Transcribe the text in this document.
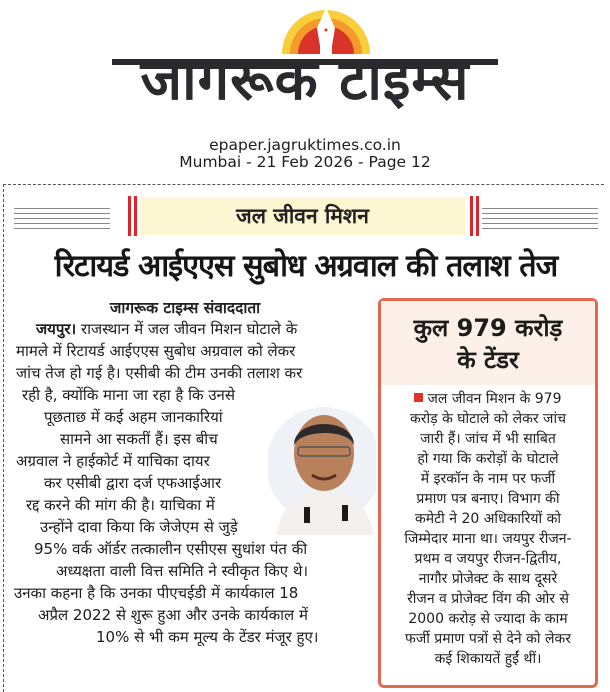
जागरूक टाइम्स
epaper.jagruktimes.co.in
Mumbai - 21 Feb 2026 - Page 12
जल जीवन मिशन
रिटायर्ड आईएएस सुबोध अग्रवाल की तलाश तेज
जागरूक टाइम्स संवाददाता
जयपुर। राजस्थान में जल जीवन मिशन घोटाले के
मामले में रिटायर्ड आईएएस सुबोध अग्रवाल को लेकर
जांच तेज हो गई है। एसीबी की टीम उनकी तलाश कर
रही है, क्योंकि माना जा रहा है कि उनसे
पूछताछ में कई अहम जानकारियां
सामने आ सकतीं हैं। इस बीच
अग्रवाल ने हाईकोर्ट में याचिका दायर
कर एसीबी द्वारा दर्ज एफआईआर
रद्द करने की मांग की है। याचिका में
उन्होंने दावा किया कि जेजेएम से जुड़े
95% वर्क ऑर्डर तत्कालीन एसीएस सुधांश पंत की
अध्यक्षता वाली वित्त समिति ने स्वीकृत किए थे।
उनका कहना है कि उनका पीएचईडी में कार्यकाल 18
अप्रैल 2022 से शुरू हुआ और उनके कार्यकाल में
10% से भी कम मूल्य के टेंडर मंजूर हुए।
कुल 979 करोड़
के टेंडर
जल जीवन मिशन के 979
करोड़ के घोटाले को लेकर जांच
जारी हैं। जांच में भी साबित
हो गया कि करोड़ों के घोटाले
में इरकॉन के नाम पर फर्जी
प्रमाण पत्र बनाए। विभाग की
कमेटी ने 20 अधिकारियों को
जिम्मेदार माना था। जयपुर रीजन-
प्रथम व जयपुर रीजन-द्वितीय,
नागौर प्रोजेक्ट के साथ दूसरे
रीजन व प्रोजेक्ट विंग की ओर से
2000 करोड़ से ज्यादा के काम
फर्जी प्रमाण पत्रों से देने को लेकर
कई शिकायतें हुईं थीं।
